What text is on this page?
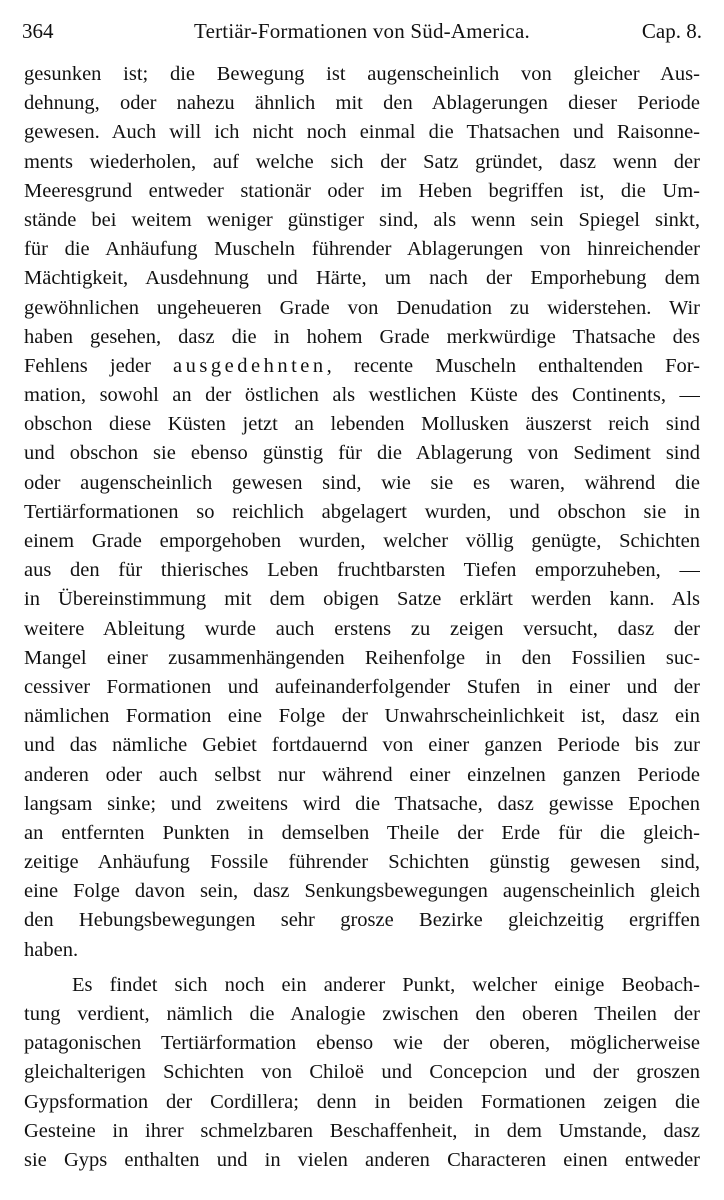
364	Tertiär-Formationen von Süd-America.	Cap. 8.
gesunken ist; die Bewegung ist augenscheinlich von gleicher Aus-
dehnung, oder nahezu ähnlich mit den Ablagerungen dieser Periode
gewesen. Auch will ich nicht noch einmal die Thatsachen und Raisonne-
ments wiederholen, auf welche sich der Satz gründet, dasz wenn der
Meeresgrund entweder stationär oder im Heben begriffen ist, die Um-
stände bei weitem weniger günstiger sind, als wenn sein Spiegel sinkt,
für die Anhäufung Muscheln führender Ablagerungen von hinreichender
Mächtigkeit, Ausdehnung und Härte, um nach der Emporhebung dem
gewöhnlichen ungeheueren Grade von Denudation zu widerstehen. Wir
haben gesehen, dasz die in hohem Grade merkwürdige Thatsache des
Fehlens jeder ausgedehnten, recente Muscheln enthaltenden For-
mation, sowohl an der östlichen als westlichen Küste des Continents, —
obschon diese Küsten jetzt an lebenden Mollusken äuszerst reich sind
und obschon sie ebenso günstig für die Ablagerung von Sediment sind
oder augenscheinlich gewesen sind, wie sie es waren, während die
Tertiärformationen so reichlich abgelagert wurden, und obschon sie in
einem Grade emporgehoben wurden, welcher völlig genügte, Schichten
aus den für thierisches Leben fruchtbarsten Tiefen emporzuheben, —
in Übereinstimmung mit dem obigen Satze erklärt werden kann. Als
weitere Ableitung wurde auch erstens zu zeigen versucht, dasz der
Mangel einer zusammenhängenden Reihenfolge in den Fossilien suc-
cessiver Formationen und aufeinanderfolgender Stufen in einer und der
nämlichen Formation eine Folge der Unwahrscheinlichkeit ist, dasz ein
und das nämliche Gebiet fortdauernd von einer ganzen Periode bis zur
anderen oder auch selbst nur während einer einzelnen ganzen Periode
langsam sinke; und zweitens wird die Thatsache, dasz gewisse Epochen
an entfernten Punkten in demselben Theile der Erde für die gleich-
zeitige Anhäufung Fossile führender Schichten günstig gewesen sind,
eine Folge davon sein, dasz Senkungsbewegungen augenscheinlich gleich
den Hebungsbewegungen sehr grosze Bezirke gleichzeitig ergriffen
haben.
Es findet sich noch ein anderer Punkt, welcher einige Beobach-
tung verdient, nämlich die Analogie zwischen den oberen Theilen der
patagonischen Tertiärformation ebenso wie der oberen, möglicherweise
gleichalterigen Schichten von Chiloë und Concepcion und der groszen
Gypsformation der Cordillera; denn in beiden Formationen zeigen die
Gesteine in ihrer schmelzbaren Beschaffenheit, in dem Umstande, dasz
sie Gyps enthalten und in vielen anderen Characteren einen entweder
